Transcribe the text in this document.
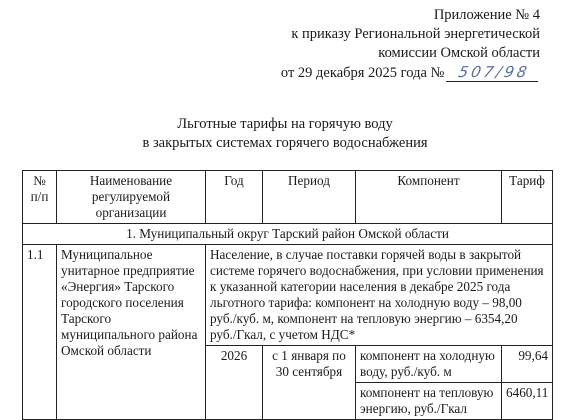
Приложение № 4
к приказу Региональной энергетической
комиссии Омской области
от 29 декабря 2025 года № 507/98
Льготные тарифы на горячую воду
в закрытых системах горячего водоснабжения
№ п/п	Наименование регулируемой организации	Год	Период	Компонент	Тариф
1. Муниципальный округ Тарский район Омской области					
1.1	Муниципальное унитарное предприятие «Энергия» Тарского городского поселения Тарского муниципального района Омской области	Население, в случае поставки горячей воды в закрытой системе горячего водоснабжения, при условии применения к указанной категории населения в декабре 2025 года льготного тарифа: компонент на холодную воду – 98,00 руб./куб. м, компонент на тепловую энергию – 6354,20 руб./Гкал, с учетом НДС*			
		2026	с 1 января по 30 сентября	компонент на холодную воду, руб./куб. м	99,64
				компонент на тепловую энергию, руб./Гкал	6460,11
